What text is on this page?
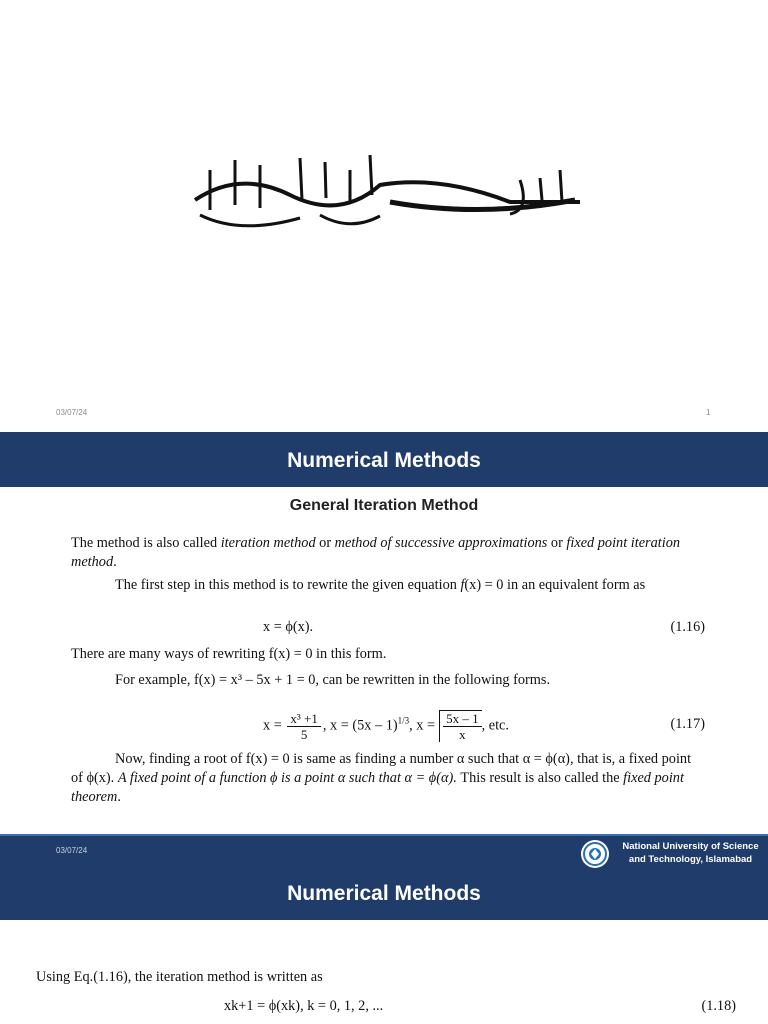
03/07/24	1
Numerical Methods
General Iteration Method
The method is also called iteration method or method of successive approximations or fixed point iteration method.
The first step in this method is to rewrite the given equation f(x) = 0 in an equivalent form as
x = ϕ(x).	(1.16)
There are many ways of rewriting f(x) = 0 in this form.
For example, f(x) = x³ – 5x + 1 = 0, can be rewritten in the following forms.
$x = \frac{\text{x³ +1}}{5}$ , x = (5x – 1)$^{1/3}$, $x = \frac{5x - 1}{x}$ , etc.	(1.17)
Now, finding a root of f(x) = 0 is same as finding a number α such that α = ϕ(α), that is, a fixed point of ϕ(x). A fixed point of a function ϕ is a point α such that α = ϕ(α). This result is also called the fixed point theorem.
03/07/24	National University of Science
and Technology, Islamabad
Numerical Methods
Using Eq.(1.16), the iteration method is written as
xk+1 = ϕ(xk), k = 0, 1, 2, ...	(1.18)
